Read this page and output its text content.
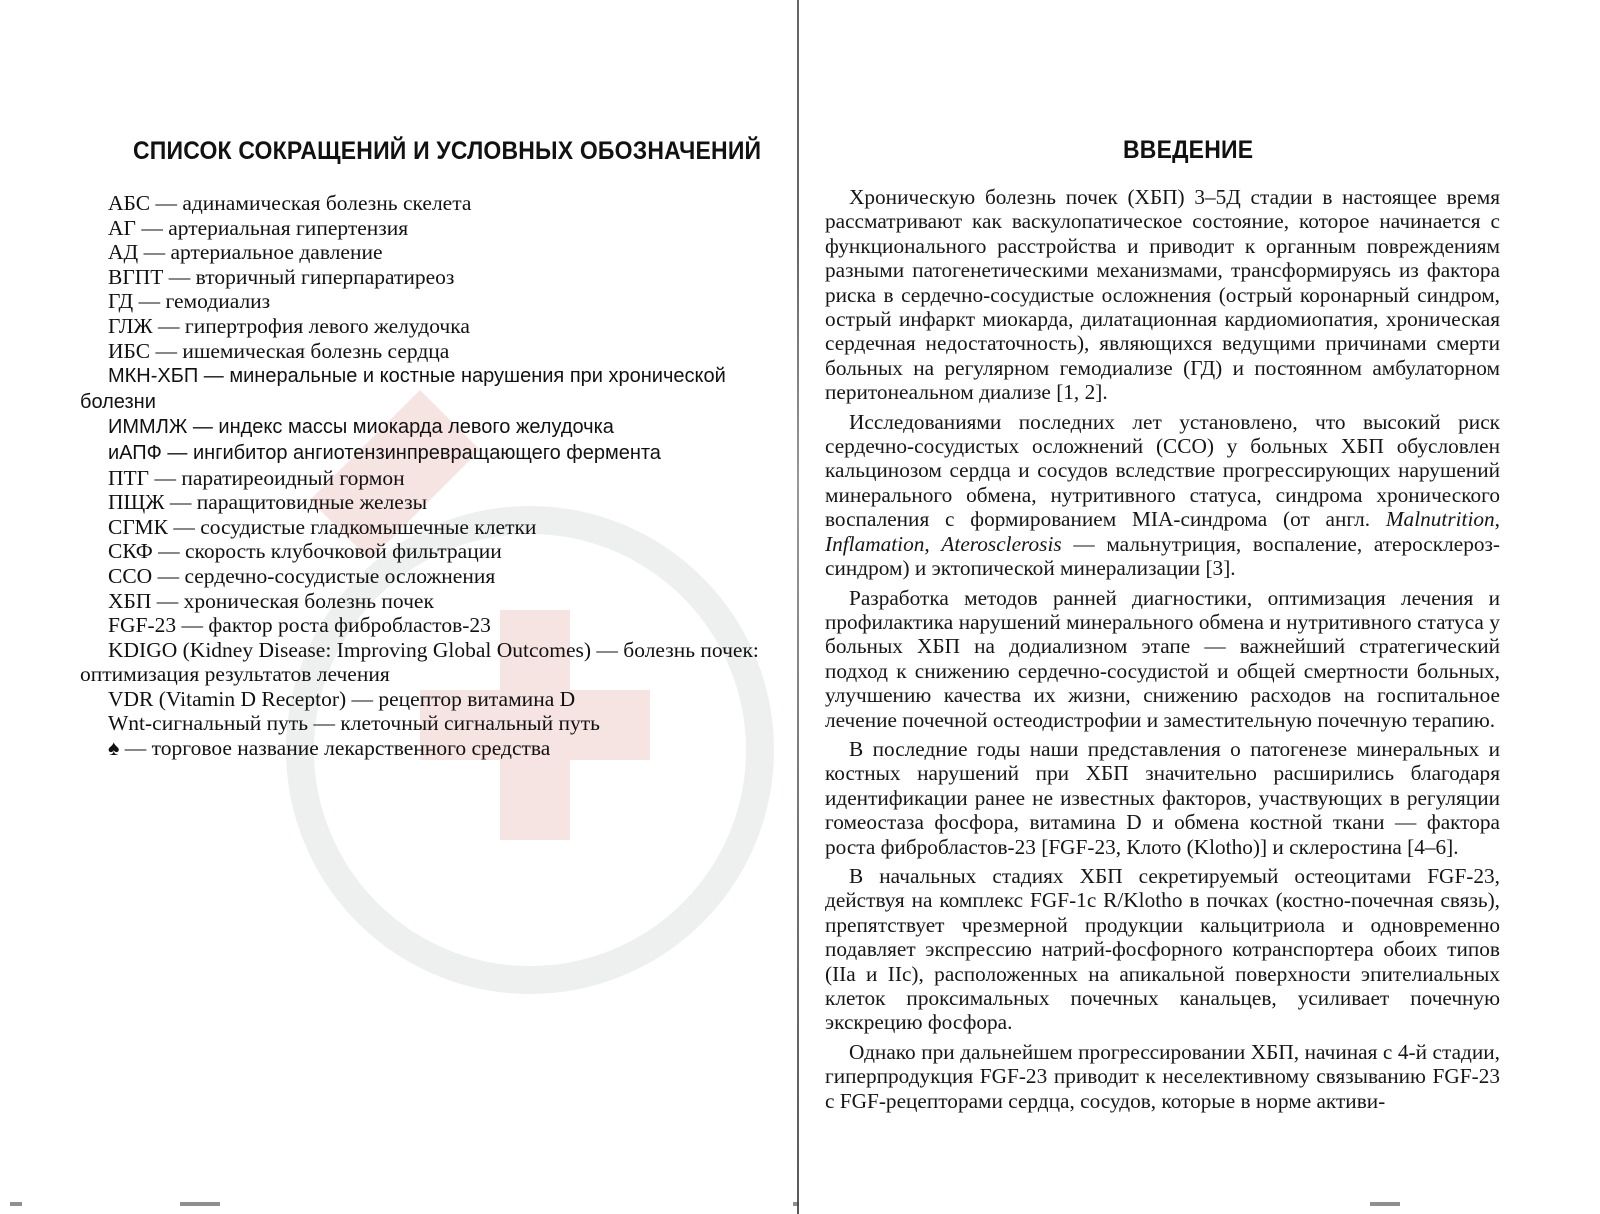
СПИСОК СОКРАЩЕНИЙ И УСЛОВНЫХ ОБОЗНАЧЕНИЙ
АБС — адинамическая болезнь скелета
АГ — артериальная гипертензия
АД — артериальное давление
ВГПТ — вторичный гиперпаратиреоз
ГД — гемодиализ
ГЛЖ — гипертрофия левого желудочка
ИБС — ишемическая болезнь сердца
МКН-ХБП — минеральные и костные нарушения при хронической болезни
ИММЛЖ — индекс массы миокарда левого желудочка
иАПФ — ингибитор ангиотензинпревращающего фермента
ПТГ — паратиреоидный гормон
ПЩЖ — паращитовидные железы
СГМК — сосудистые гладкомышечные клетки
СКФ — скорость клубочковой фильтрации
ССО — сердечно-сосудистые осложнения
ХБП — хроническая болезнь почек
FGF-23 — фактор роста фибробластов-23
KDIGO (Kidney Disease: Improving Global Outcomes) — болезнь почек: оптимизация результатов лечения
VDR (Vitamin D Receptor) — рецептор витамина D
Wnt-сигнальный путь — клеточный сигнальный путь
♠ — торговое название лекарственного средства
ВВЕДЕНИЕ

Хроническую болезнь почек (ХБП) 3–5Д стадии в настоящее время рассматривают как васкулопатическое состояние, которое начинается с функционального расстройства и приводит к органным повреждениям разными патогенетическими механизмами, трансформируясь из фактора риска в сердечно-сосудистые осложнения (острый коронарный синдром, острый инфаркт миокарда, дилатационная кардиомиопатия, хроническая сердечная недостаточность), являющихся ведущими причинами смерти больных на регулярном гемодиализе (ГД) и постоянном амбулаторном перитонеальном диализе [1, 2].

Исследованиями последних лет установлено, что высокий риск сердечно-сосудистых осложнений (ССО) у больных ХБП обусловлен кальцинозом сердца и сосудов вследствие прогрессирующих нарушений минерального обмена, нутритивного статуса, синдрома хронического воспаления с формированием MIA-синдрома (от англ. Malnutrition, Inflamation, Aterosclerosis — мальнутриция, воспаление, атеросклероз-синдром) и эктопической минерализации [3].

Разработка методов ранней диагностики, оптимизация лечения и профилактика нарушений минерального обмена и нутритивного статуса у больных ХБП на додиализном этапе — важнейший стратегический подход к снижению сердечно-сосудистой и общей смертности больных, улучшению качества их жизни, снижению расходов на госпитальное лечение почечной остеодистрофии и заместительную почечную терапию.

В последние годы наши представления о патогенезе минеральных и костных нарушений при ХБП значительно расширились благодаря идентификации ранее не известных факторов, участвующих в регуляции гомеостаза фосфора, витамина D и обмена костной ткани — фактора роста фибробластов-23 [FGF-23, Клото (Klotho)] и склеростина [4–6].

В начальных стадиях ХБП секретируемый остеоцитами FGF-23, действуя на комплекс FGF-1c R/Klotho в почках (костно-почечная связь), препятствует чрезмерной продукции кальцитриола и одновременно подавляет экспрессию натрий-фосфорного котранспортера обоих типов (IIa и IIc), расположенных на апикальной поверхности эпителиальных клеток проксимальных почечных канальцев, усиливает почечную экскрецию фосфора.

Однако при дальнейшем прогрессировании ХБП, начиная с 4-й стадии, гиперпродукция FGF-23 приводит к неселективному связыванию FGF-23 с FGF-рецепторами сердца, сосудов, которые в норме активи-
